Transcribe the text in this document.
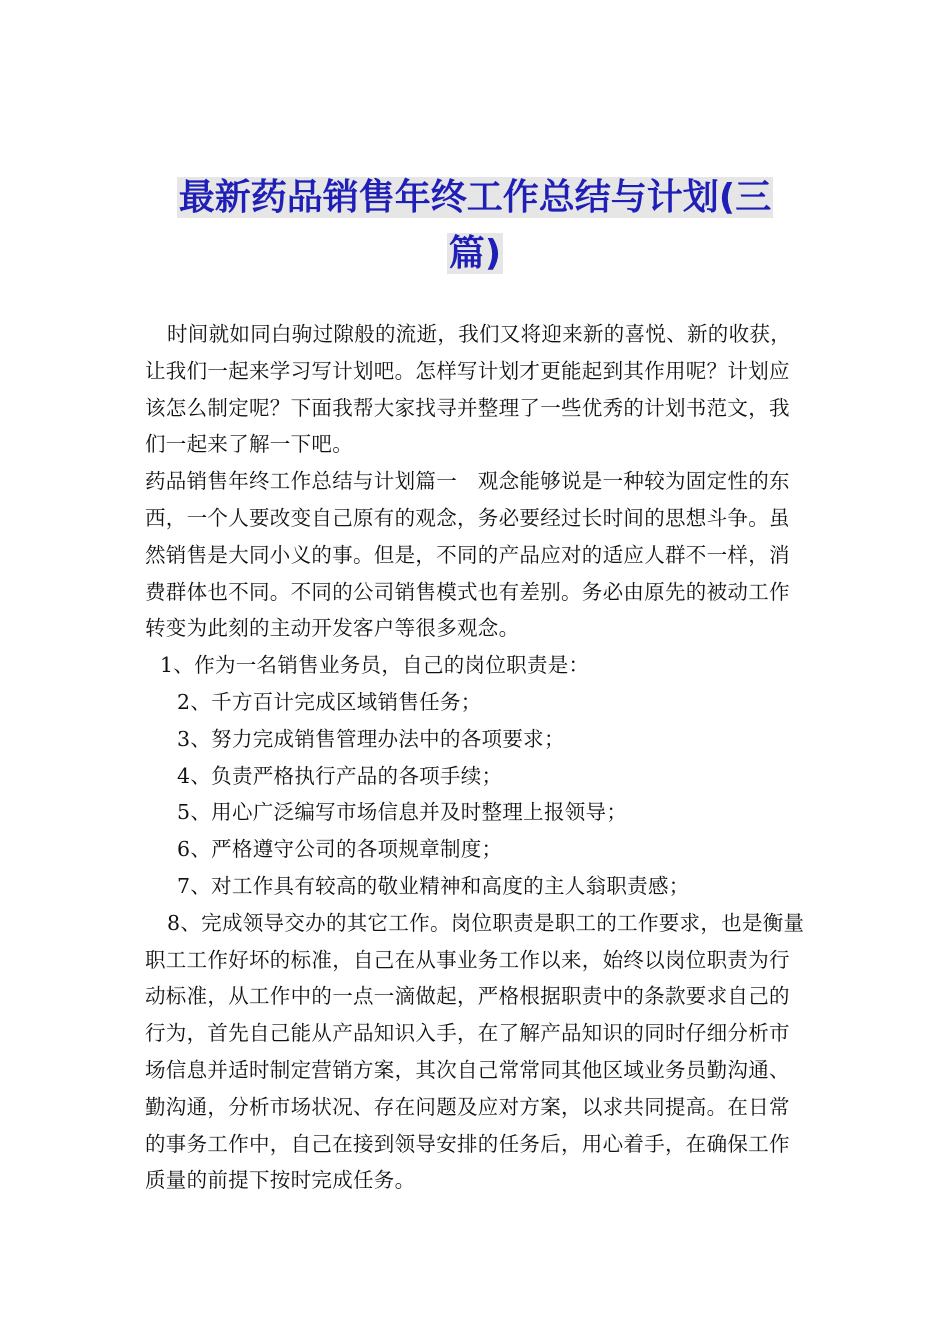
最新药品销售年终工作总结与计划(三
篇)

时间就如同白驹过隙般的流逝，我们又将迎来新的喜悦、新的收获，让我们一起来学习写计划吧。怎样写计划才更能起到其作用呢？计划应该怎么制定呢？下面我帮大家找寻并整理了一些优秀的计划书范文，我们一起来了解一下吧。

药品销售年终工作总结与计划篇一　观念能够说是一种较为固定性的东西，一个人要改变自己原有的观念，务必要经过长时间的思想斗争。虽然销售是大同小义的事。但是，不同的产品应对的适应人群不一样，消费群体也不同。不同的公司销售模式也有差别。务必由原先的被动工作转变为此刻的主动开发客户等很多观念。

1、作为一名销售业务员，自己的岗位职责是：

2、千方百计完成区域销售任务；

3、努力完成销售管理办法中的各项要求；

4、负责严格执行产品的各项手续；

5、用心广泛编写市场信息并及时整理上报领导；

6、严格遵守公司的各项规章制度；

7、对工作具有较高的敬业精神和高度的主人翁职责感；

8、完成领导交办的其它工作。岗位职责是职工的工作要求，也是衡量职工工作好坏的标准，自己在从事业务工作以来，始终以岗位职责为行动标准，从工作中的一点一滴做起，严格根据职责中的条款要求自己的行为，首先自己能从产品知识入手，在了解产品知识的同时仔细分析市场信息并适时制定营销方案，其次自己常常同其他区域业务员勤沟通、勤沟通，分析市场状况、存在问题及应对方案，以求共同提高。在日常的事务工作中，自己在接到领导安排的任务后，用心着手，在确保工作质量的前提下按时完成任务。
